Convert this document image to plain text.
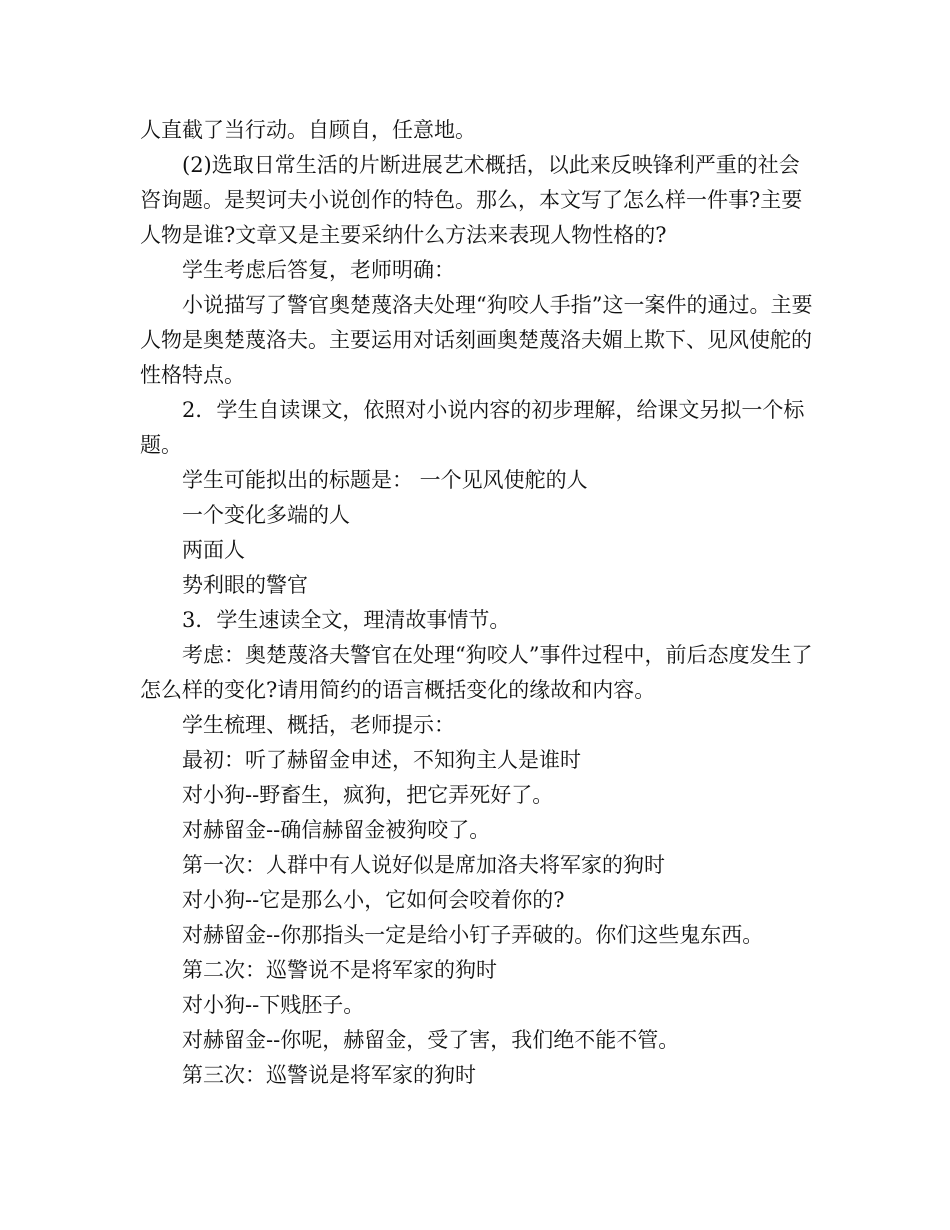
人直截了当行动。自顾自，任意地。

(2)选取日常生活的片断进展艺术概括，以此来反映锋利严重的社会咨询题。是契诃夫小说创作的特色。那么，本文写了怎么样一件事?主要人物是谁?文章又是主要采纳什么方法来表现人物性格的?

学生考虑后答复，老师明确：

小说描写了警官奥楚蔑洛夫处理“狗咬人手指”这一案件的通过。主要人物是奥楚蔑洛夫。主要运用对话刻画奥楚蔑洛夫媚上欺下、见风使舵的性格特点。

2．学生自读课文，依照对小说内容的初步理解，给课文另拟一个标题。

学生可能拟出的标题是： 一个见风使舵的人

一个变化多端的人

两面人

势利眼的警官

3．学生速读全文，理清故事情节。

考虑：奥楚蔑洛夫警官在处理“狗咬人”事件过程中，前后态度发生了怎么样的变化?请用简约的语言概括变化的缘故和内容。

学生梳理、概括，老师提示：

最初：听了赫留金申述，不知狗主人是谁时

对小狗--野畜生，疯狗，把它弄死好了。

对赫留金--确信赫留金被狗咬了。

第一次：人群中有人说好似是席加洛夫将军家的狗时

对小狗--它是那么小，它如何会咬着你的?

对赫留金--你那指头一定是给小钉子弄破的。你们这些鬼东西。

第二次：巡警说不是将军家的狗时

对小狗--下贱胚子。

对赫留金--你呢，赫留金，受了害，我们绝不能不管。

第三次：巡警说是将军家的狗时
